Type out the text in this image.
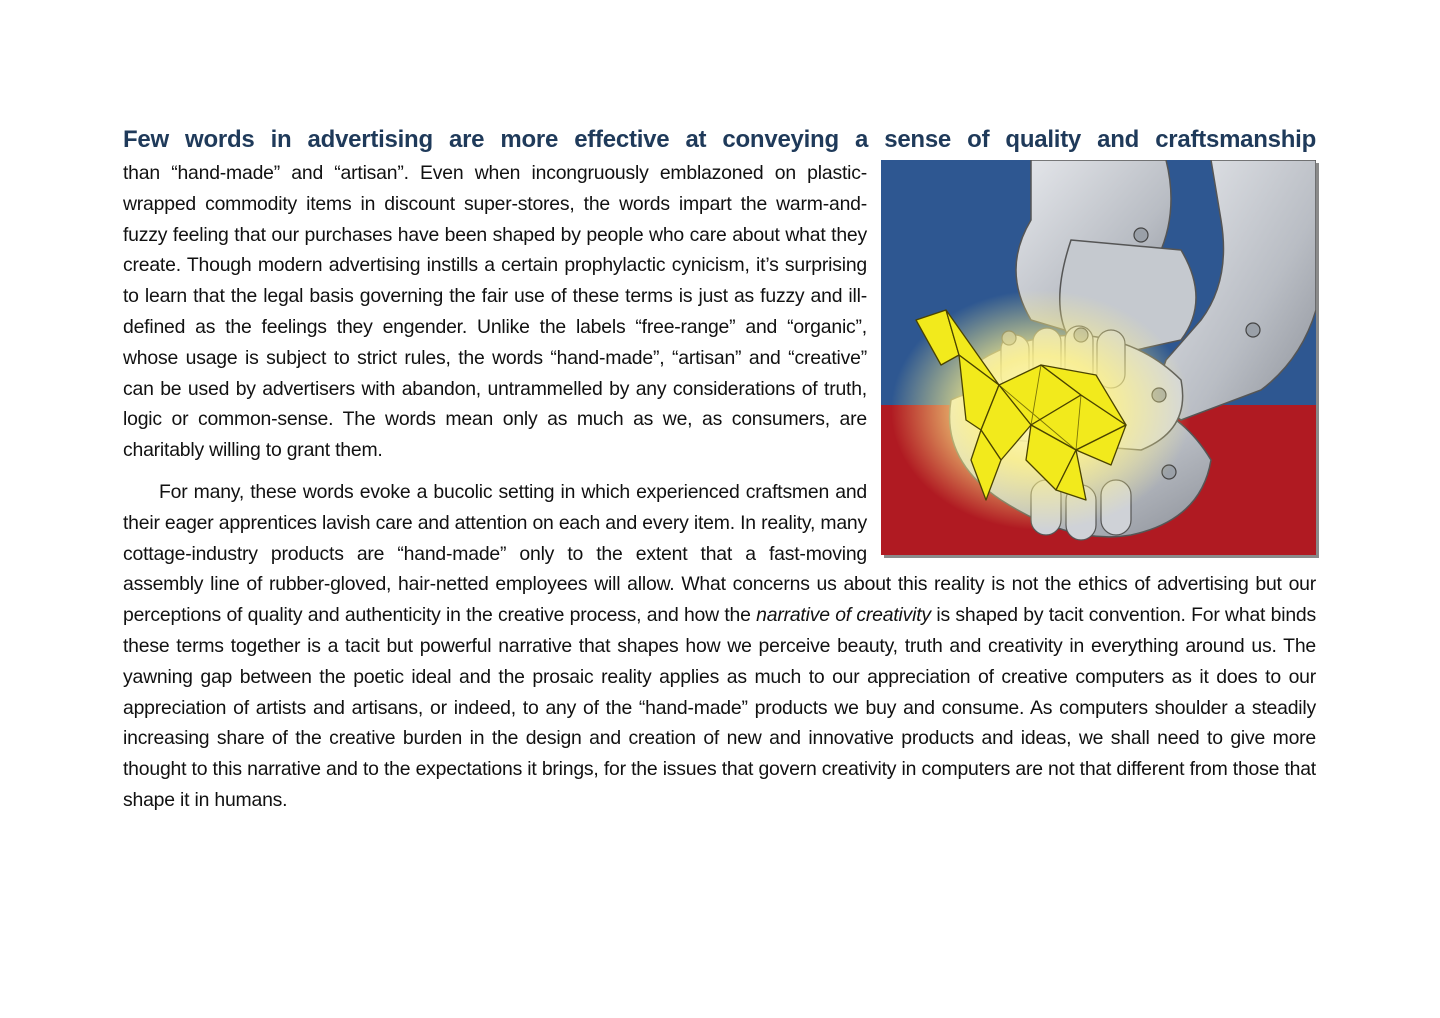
Few words in advertising are more effective at conveying a sense of quality and craftsmanship

than “hand-made” and “artisan”. Even when incongruously emblazoned on plastic-wrapped commodity items in discount super-stores, the words impart the warm-and-fuzzy feeling that our purchases have been shaped by people who care about what they create. Though modern advertising instills a certain prophylactic cynicism, it’s surprising to learn that the legal basis governing the fair use of these terms is just as fuzzy and ill-defined as the feelings they engender. Unlike the labels “free-range” and “organic”, whose usage is subject to strict rules, the words “hand-made”, “artisan” and “creative” can be used by advertisers with abandon, untrammelled by any considerations of truth, logic or common-sense. The words mean only as much as we, as consumers, are charitably willing to grant them.

For many, these words evoke a bucolic setting in which experienced craftsmen and their eager apprentices lavish care and attention on each and every item. In reality, many cottage-industry products are “hand-made” only to the extent that a fast-moving assembly line of rubber-gloved, hair-netted employees will allow. What concerns us about this reality is not the ethics of advertising but our perceptions of quality and authenticity in the creative process, and how the narrative of creativity is shaped by tacit convention. For what binds these terms together is a tacit but powerful narrative that shapes how we perceive beauty, truth and creativity in everything around us. The yawning gap between the poetic ideal and the prosaic reality applies as much to our appreciation of creative computers as it does to our appreciation of artists and artisans, or indeed, to any of the “hand-made” products we buy and consume. As computers shoulder a steadily increasing share of the creative burden in the design and creation of new and innovative products and ideas, we shall need to give more thought to this narrative and to the expectations it brings, for the issues that govern creativity in computers are not that different from those that shape it in humans.
